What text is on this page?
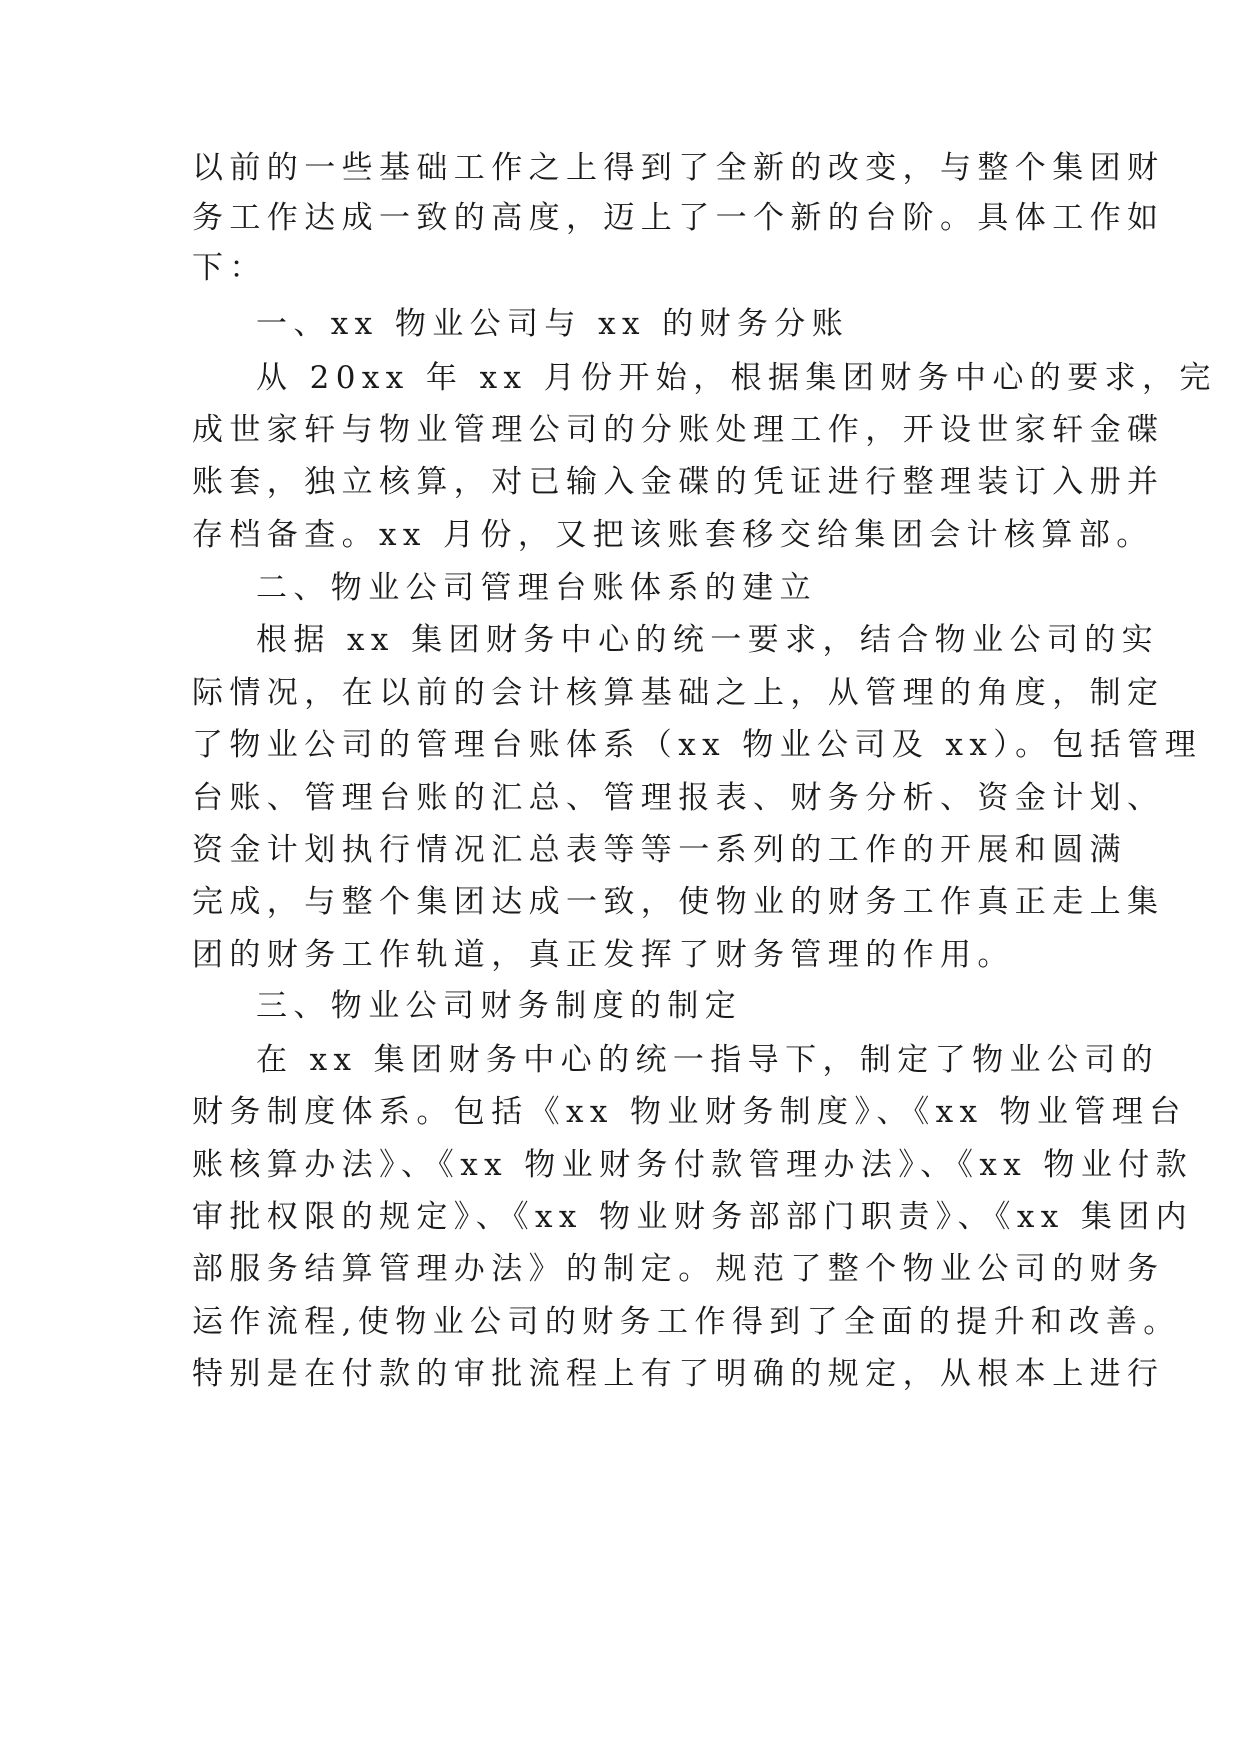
以前的一些基础工作之上得到了全新的改变，与整个集团财
务工作达成一致的高度，迈上了一个新的台阶。具体工作如
下：
一、xx 物业公司与 xx 的财务分账
从 20xx 年 xx 月份开始，根据集团财务中心的要求，完
成世家轩与物业管理公司的分账处理工作，开设世家轩金碟
账套，独立核算，对已输入金碟的凭证进行整理装订入册并
存档备查。xx 月份，又把该账套移交给集团会计核算部。
二、物业公司管理台账体系的建立
根据 xx 集团财务中心的统一要求，结合物业公司的实
际情况，在以前的会计核算基础之上，从管理的角度，制定
了物业公司的管理台账体系（xx 物业公司及 xx）。包括管理
台账、管理台账的汇总、管理报表、财务分析、资金计划、
资金计划执行情况汇总表等等一系列的工作的开展和圆满
完成，与整个集团达成一致，使物业的财务工作真正走上集
团的财务工作轨道，真正发挥了财务管理的作用。
三、物业公司财务制度的制定
在 xx 集团财务中心的统一指导下，制定了物业公司的
财务制度体系。包括《xx 物业财务制度》、《xx 物业管理台
账核算办法》、《xx 物业财务付款管理办法》、《xx 物业付款
审批权限的规定》、《xx 物业财务部部门职责》、《xx 集团内
部服务结算管理办法》的制定。规范了整个物业公司的财务
运作流程,使物业公司的财务工作得到了全面的提升和改善。
特别是在付款的审批流程上有了明确的规定，从根本上进行
